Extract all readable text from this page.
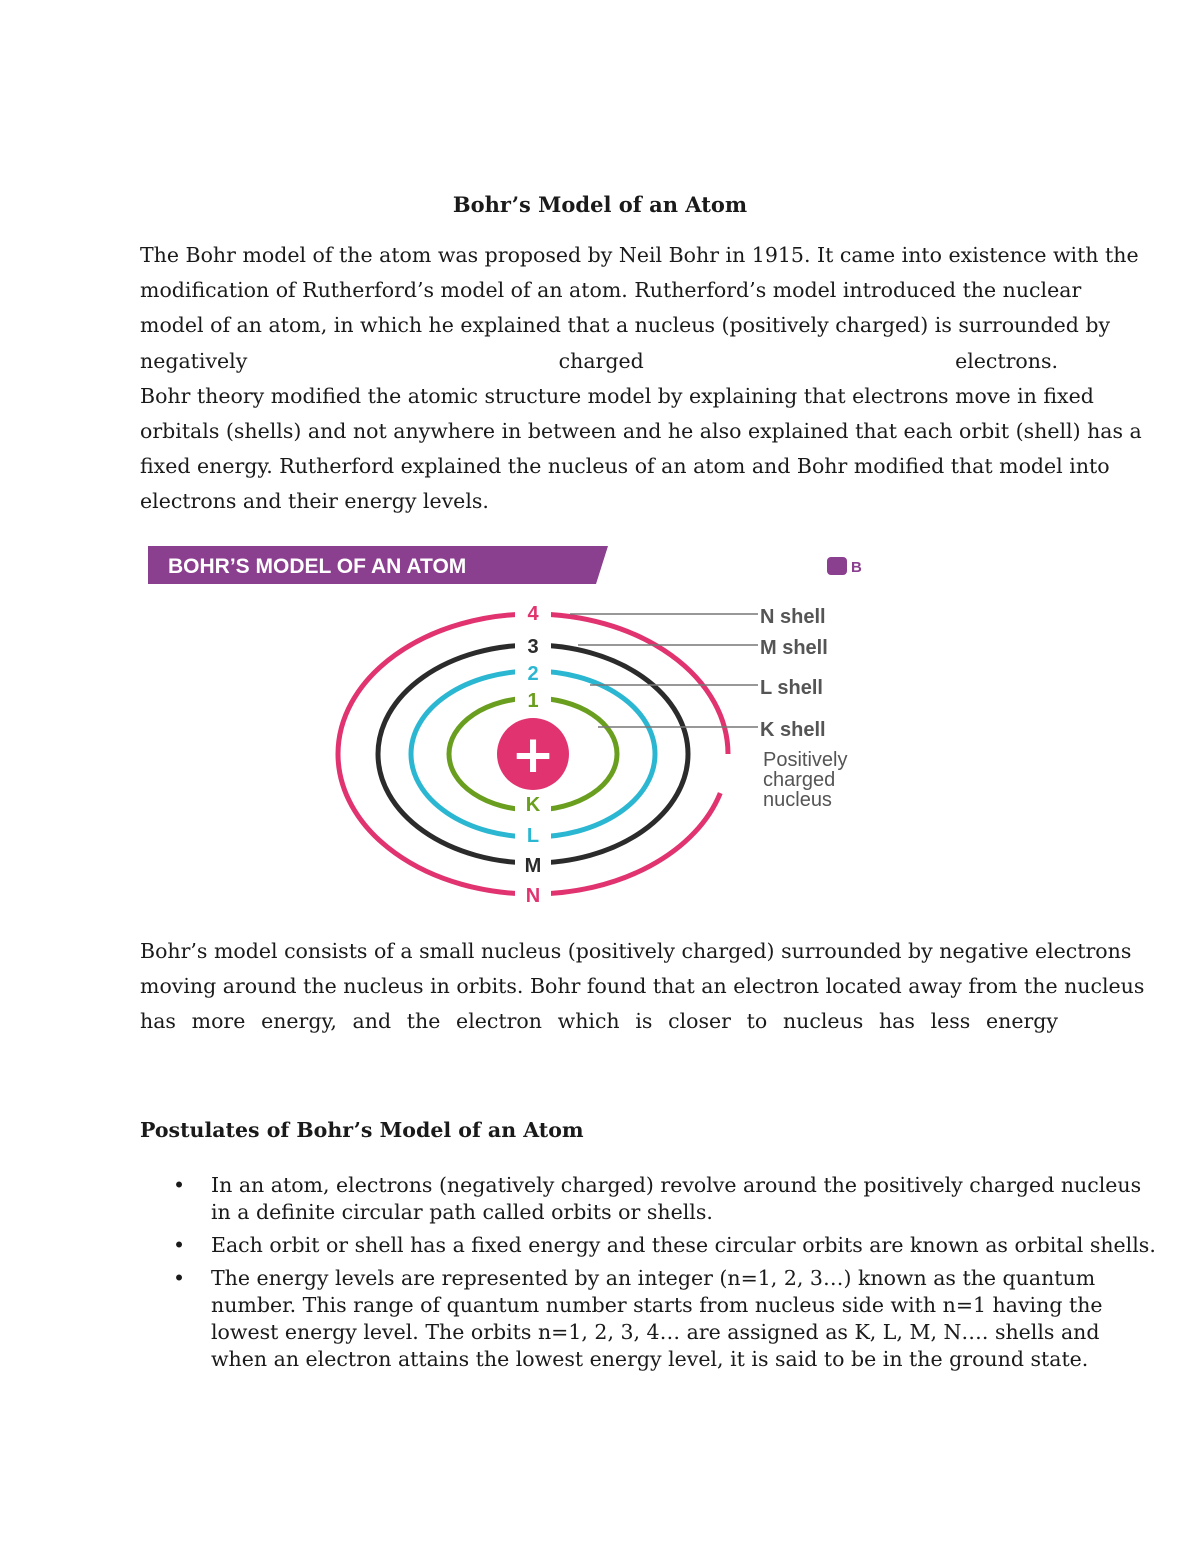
Bohr’s Model of an Atom
The Bohr model of the atom was proposed by Neil Bohr in 1915. It came into existence with the
modification of Rutherford’s model of an atom. Rutherford’s model introduced the nuclear
model of an atom, in which he explained that a nucleus (positively charged) is surrounded by
negatively charged electrons.
Bohr theory modified the atomic structure model by explaining that electrons move in fixed
orbitals (shells) and not anywhere in between and he also explained that each orbit (shell) has a
fixed energy. Rutherford explained the nucleus of an atom and Bohr modified that model into
electrons and their energy levels.
BOHR’S MODEL OF AN ATOM	B
+
4
3
2
1
K
L
M
N
N shell
M shell
L shell
K shell
Positively
charged
nucleus
Bohr’s model consists of a small nucleus (positively charged) surrounded by negative electrons
moving around the nucleus in orbits. Bohr found that an electron located away from the nucleus
has more energy, and the electron which is closer to nucleus has less energy
Postulates of Bohr’s Model of an Atom
• In an atom, electrons (negatively charged) revolve around the positively charged nucleus
in a definite circular path called orbits or shells.
• Each orbit or shell has a fixed energy and these circular orbits are known as orbital shells.
• The energy levels are represented by an integer (n=1, 2, 3…) known as the quantum
number. This range of quantum number starts from nucleus side with n=1 having the
lowest energy level. The orbits n=1, 2, 3, 4… are assigned as K, L, M, N…. shells and
when an electron attains the lowest energy level, it is said to be in the ground state.
